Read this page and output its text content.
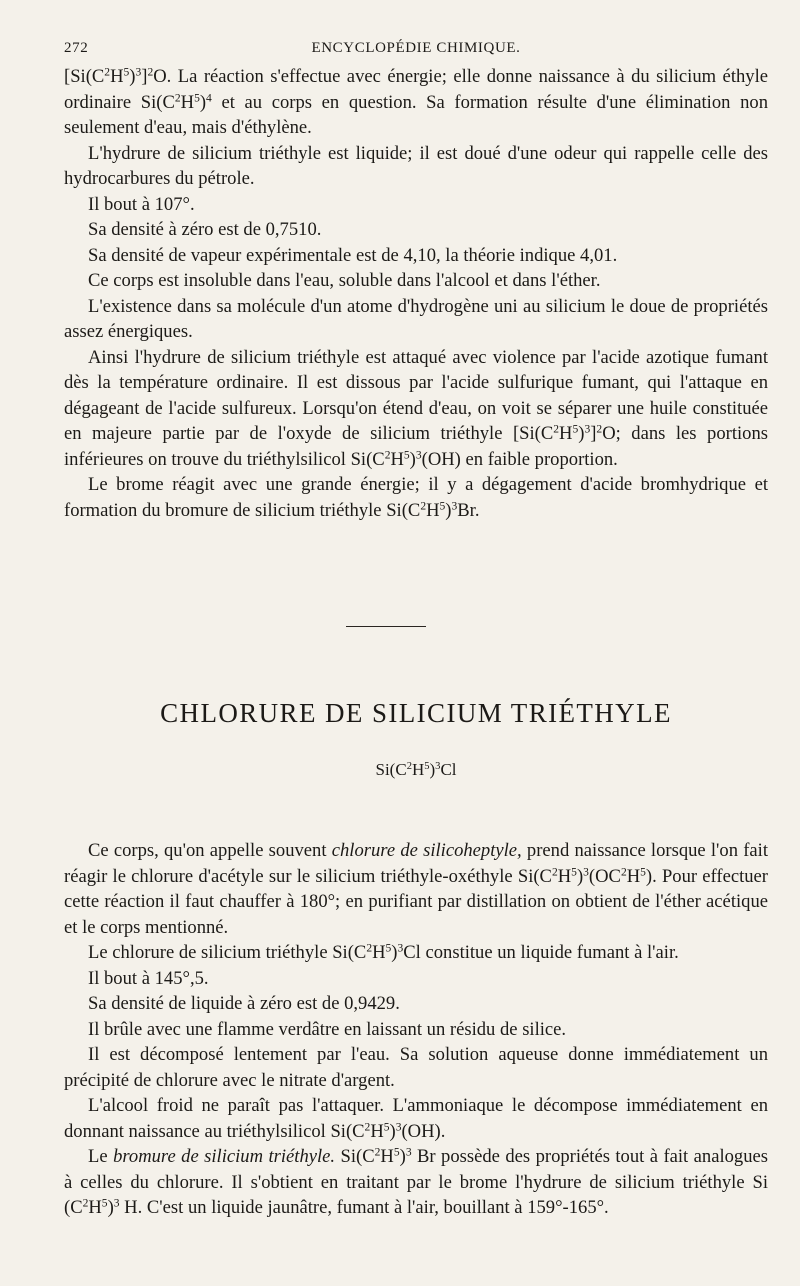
272	ENCYCLOPÉDIE CHIMIQUE.

$[Si(C^2H^5)^3]^2O$. La réaction s'effectue avec énergie; elle donne naissance à du silicium éthyle ordinaire $Si(C^2H^5)^4$ et au corps en question. Sa formation résulte d'une élimination non seulement d'eau, mais d'éthylène.

L'hydrure de silicium triéthyle est liquide; il est doué d'une odeur qui rappelle celle des hydrocarbures du pétrole.

Il bout à 107°.

Sa densité à zéro est de 0,7510.

Sa densité de vapeur expérimentale est de 4,10, la théorie indique 4,01.

Ce corps est insoluble dans l'eau, soluble dans l'alcool et dans l'éther.

L'existence dans sa molécule d'un atome d'hydrogène uni au silicium le doue de propriétés assez énergiques.

Ainsi l'hydrure de silicium triéthyle est attaqué avec violence par l'acide azotique fumant dès la température ordinaire. Il est dissous par l'acide sulfurique fumant, qui l'attaque en dégageant de l'acide sulfureux. Lorsqu'on étend d'eau, on voit se séparer une huile constituée en majeure partie par de l'oxyde de silicium triéthyle $[Si(C^2H^5)^3]^2O$; dans les portions inférieures on trouve du triéthylsilicol $Si(C^2H^5)^3(OH)$ en faible proportion.

Le brome réagit avec une grande énergie; il y a dégagement d'acide bromhydrique et formation du bromure de silicium triéthyle $Si(C^2H^5)^3Br$.

CHLORURE DE SILICIUM TRIÉTHYLE
$Si(C^2H^5)^3Cl$

Ce corps, qu'on appelle souvent chlorure de silicoheptyle, prend naissance lorsque l'on fait réagir le chlorure d'acétyle sur le silicium triéthyle-oxéthyle $Si(C^2H^5)^3(OC^2H^5)$. Pour effectuer cette réaction il faut chauffer à 180°; en purifiant par distillation on obtient de l'éther acétique et le corps mentionné.

Le chlorure de silicium triéthyle $Si(C^2H^5)^3Cl$ constitue un liquide fumant à l'air.

Il bout à 145°,5.

Sa densité de liquide à zéro est de 0,9429.

Il brûle avec une flamme verdâtre en laissant un résidu de silice.

Il est décomposé lentement par l'eau. Sa solution aqueuse donne immédiatement un précipité de chlorure avec le nitrate d'argent.

L'alcool froid ne paraît pas l'attaquer. L'ammoniaque le décompose immédiatement en donnant naissance au triéthylsilicol $Si(C^2H^5)^3(OH)$.

Le bromure de silicium triéthyle. $Si(C^2H^5)^3$ Br possède des propriétés tout à fait analogues à celles du chlorure. Il s'obtient en traitant par le brome l'hydrure de silicium triéthyle Si $(C^2H^5)^3$ H. C'est un liquide jaunâtre, fumant à l'air, bouillant à 159°-165°.
